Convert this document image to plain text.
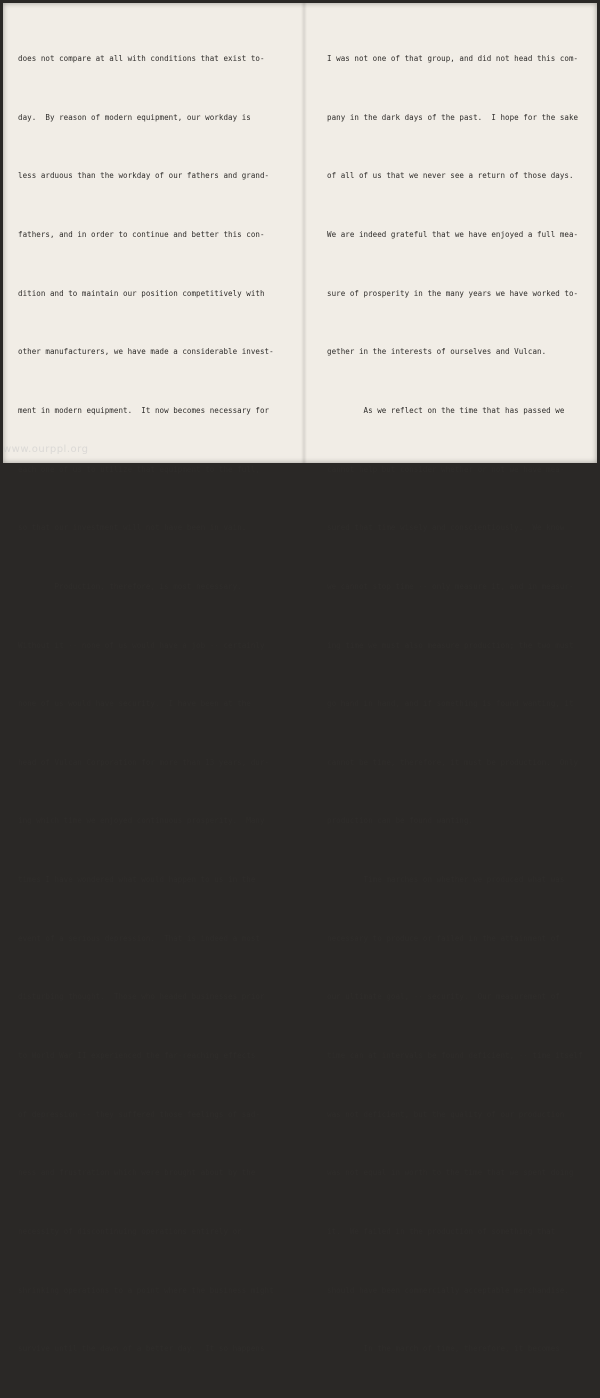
does not compare at all with conditions that exist to-

day.  By reason of modern equipment, our workday is

less arduous than the workday of our fathers and grand-

fathers, and in order to continue and better this con-

dition and to maintain our position competitively with

other manufacturers, we have made a considerable invest-

ment in modern equipment.  It now becomes necessary for

each one of us to utilize that equipment to the full,

so that our investment will not have been in vain.

Production, therefore, is most necessary.

Without it -- none of us would have a job -- certainly

none of us would have security.  I have been at the

head of Vulcan Corporation for more than 13 years, dur-

ing which time we enjoyed continuous prosperity.  Many

times I have wondered what would happen to us in the

event of a serious depression.  That is indeed a most

disturbing thought.  Those who headed businesses prior

to World War II experienced the far-reaching effects

of depression -- they suffered those feelings of sad-

ness and frustration which were brought about by the

necessity of discontinuing operations entirely or

shrinking operations to a point where the business might

survive until the dawn of a better day.  It so happens

I was not one of that group, and did not head this com-

pany in the dark days of the past.  I hope for the sake

of all of us that we never see a return of those days.

We are indeed grateful that we have enjoyed a full mea-

sure of prosperity in the many years we have worked to-

gether in the interests of ourselves and Vulcan.

As we reflect on the time that has passed we

cannot help but consider whether or not we have mea-

sured that time wisely and conscientiously.  We know

we cannot stop time -- only measure it, and in measur-

ing time we must also measure production; the two must

go hand in hand, and if something is found wanting, it

cannot be time, therefore, it must be production.  Only

production can be found wanting.

Time marches on whether we produced what was

necessary to produce or failed in the attainment of

our ultimate goal, -- security.  Our measurement of

time can at intervals be found deficient, -- time itself

was not deficient, but the quality of our production

was not equal in worth to the time that we spent doing

it.  We failed in the production of something that

should have been commercially acceptable merchandise.

In the march of time, therefore, it becomes

www.ourppl.org
